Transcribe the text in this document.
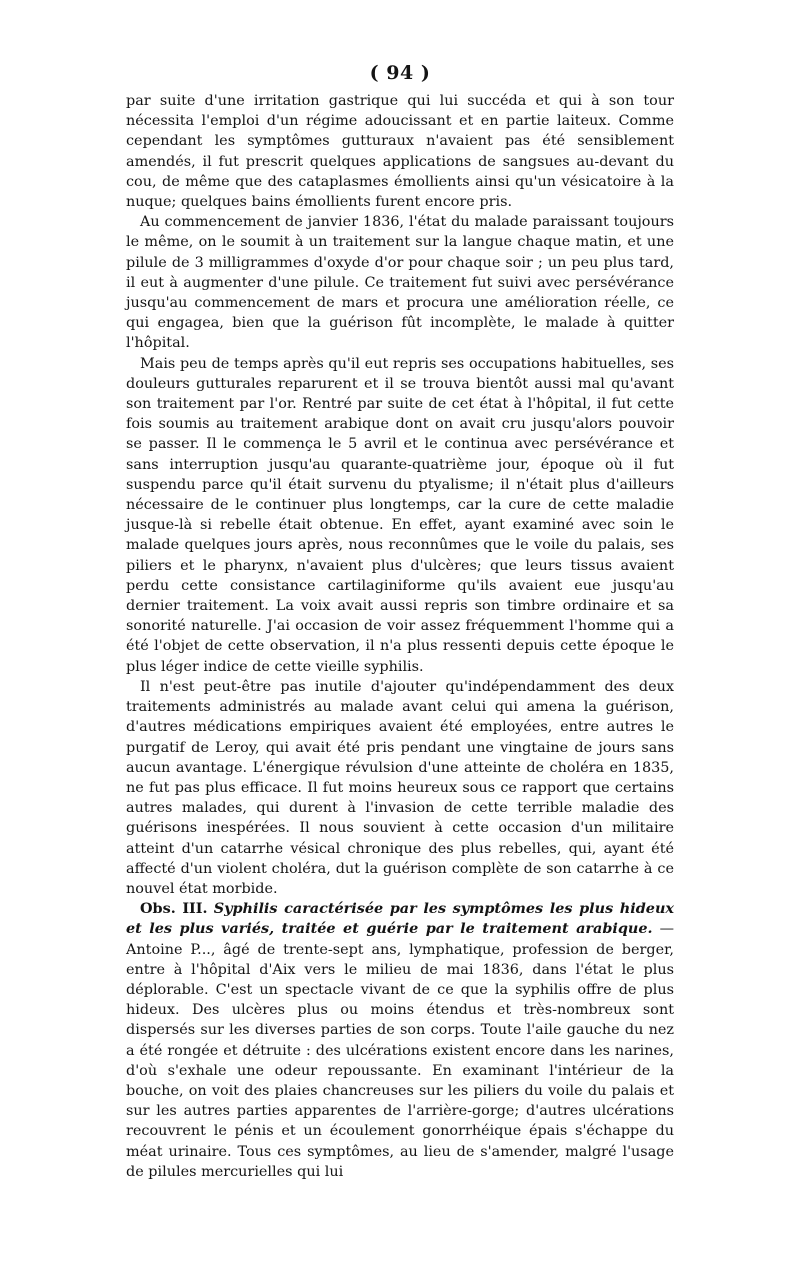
( 94 )

par suite d'une irritation gastrique qui lui succéda et qui à son tour nécessita l'emploi d'un régime adoucissant et en partie laiteux. Comme cependant les symptômes gutturaux n'avaient pas été sensiblement amendés, il fut prescrit quelques applications de sangsues au-devant du cou, de même que des cataplasmes émollients ainsi qu'un vésicatoire à la nuque; quelques bains émollients furent encore pris.

Au commencement de janvier 1836, l'état du malade paraissant toujours le même, on le soumit à un traitement sur la langue chaque matin, et une pilule de 3 milligrammes d'oxyde d'or pour chaque soir ; un peu plus tard, il eut à augmenter d'une pilule. Ce traitement fut suivi avec persévérance jusqu'au commencement de mars et procura une amélioration réelle, ce qui engagea, bien que la guérison fût incomplète, le malade à quitter l'hôpital.

Mais peu de temps après qu'il eut repris ses occupations habituelles, ses douleurs gutturales reparurent et il se trouva bientôt aussi mal qu'avant son traitement par l'or. Rentré par suite de cet état à l'hôpital, il fut cette fois soumis au traitement arabique dont on avait cru jusqu'alors pouvoir se passer. Il le commença le 5 avril et le continua avec persévérance et sans interruption jusqu'au quarante-quatrième jour, époque où il fut suspendu parce qu'il était survenu du ptyalisme; il n'était plus d'ailleurs nécessaire de le continuer plus longtemps, car la cure de cette maladie jusque-là si rebelle était obtenue. En effet, ayant examiné avec soin le malade quelques jours après, nous reconnûmes que le voile du palais, ses piliers et le pharynx, n'avaient plus d'ulcères; que leurs tissus avaient perdu cette consistance cartilaginiforme qu'ils avaient eue jusqu'au dernier traitement. La voix avait aussi repris son timbre ordinaire et sa sonorité naturelle. J'ai occasion de voir assez fréquemment l'homme qui a été l'objet de cette observation, il n'a plus ressenti depuis cette époque le plus léger indice de cette vieille syphilis.

Il n'est peut-être pas inutile d'ajouter qu'indépendamment des deux traitements administrés au malade avant celui qui amena la guérison, d'autres médications empiriques avaient été employées, entre autres le purgatif de Leroy, qui avait été pris pendant une vingtaine de jours sans aucun avantage. L'énergique révulsion d'une atteinte de choléra en 1835, ne fut pas plus efficace. Il fut moins heureux sous ce rapport que certains autres malades, qui durent à l'invasion de cette terrible maladie des guérisons inespérées. Il nous souvient à cette occasion d'un militaire atteint d'un catarrhe vésical chronique des plus rebelles, qui, ayant été affecté d'un violent choléra, dut la guérison complète de son catarrhe à ce nouvel état morbide.

Obs. III. Syphilis caractérisée par les symptômes les plus hideux et les plus variés, traitée et guérie par le traitement arabique. — Antoine P..., âgé de trente-sept ans, lymphatique, profession de berger, entre à l'hôpital d'Aix vers le milieu de mai 1836, dans l'état le plus déplorable. C'est un spectacle vivant de ce que la syphilis offre de plus hideux. Des ulcères plus ou moins étendus et très-nombreux sont dispersés sur les diverses parties de son corps. Toute l'aile gauche du nez a été rongée et détruite : des ulcérations existent encore dans les narines, d'où s'exhale une odeur repoussante. En examinant l'intérieur de la bouche, on voit des plaies chancreuses sur les piliers du voile du palais et sur les autres parties apparentes de l'arrière-gorge; d'autres ulcérations recouvrent le pénis et un écoulement gonorrhéique épais s'échappe du méat urinaire. Tous ces symptômes, au lieu de s'amender, malgré l'usage de pilules mercurielles qui lui
